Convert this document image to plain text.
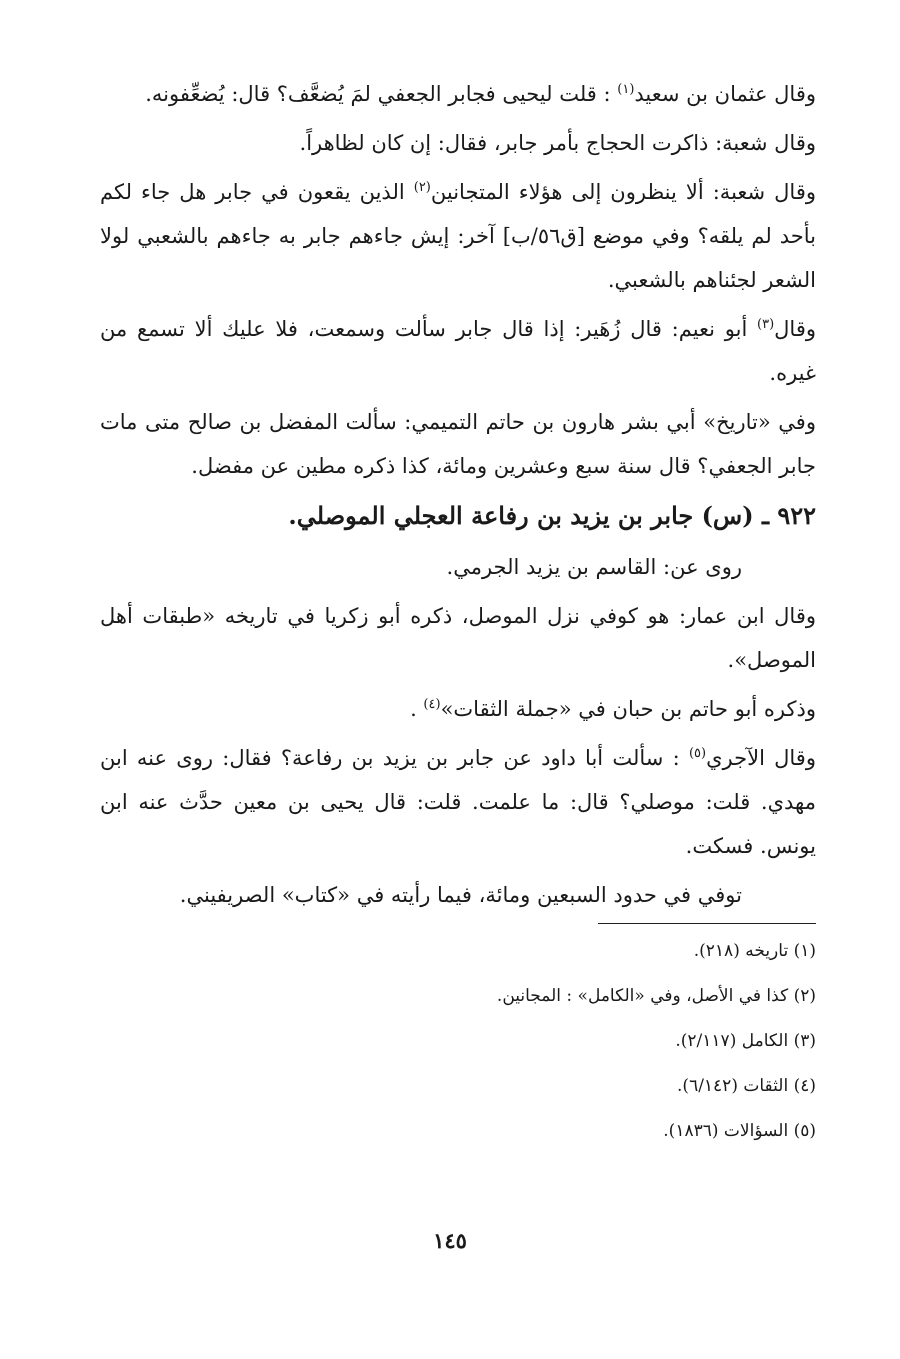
وقال عثمان بن سعيد$^{(١)}$ : قلت ليحيى فجابر الجعفي لمَ يُضعَّف؟ قال: يُضعِّفونه.

وقال شعبة: ذاكرت الحجاج بأمر جابر، فقال: إن كان لظاهراً.

وقال شعبة: ألا ينظرون إلى هؤلاء المتجانين$^{(٢)}$ الذين يقعون في جابر هل جاء لكم بأحد لم يلقه؟ وفي موضع [ق٥٦/ب] آخر: إيش جاءهم جابر به جاءهم بالشعبي لولا الشعر لجئناهم بالشعبي.

وقال$^{(٣)}$ أبو نعيم: قال زُهَير: إذا قال جابر سألت وسمعت، فلا عليك ألا تسمع من غيره.

وفي «تاريخ» أبي بشر هارون بن حاتم التميمي: سألت المفضل بن صالح متى مات جابر الجعفي؟ قال سنة سبع وعشرين ومائة، كذا ذكره مطين عن مفضل.

٩٢٢ ـ (س) جابر بن يزيد بن رفاعة العجلي الموصلي.

روى عن: القاسم بن يزيد الجرمي.

وقال ابن عمار: هو كوفي نزل الموصل، ذكره أبو زكريا في تاريخه «طبقات أهل الموصل».

وذكره أبو حاتم بن حبان في «جملة الثقات»$^{(٤)}$ .

وقال الآجري$^{(٥)}$ : سألت أبا داود عن جابر بن يزيد بن رفاعة؟ فقال: روى عنه ابن مهدي. قلت: موصلي؟ قال: ما علمت. قلت: قال يحيى بن معين حدَّث عنه ابن يونس. فسكت.

توفي في حدود السبعين ومائة، فيما رأيته في «كتاب» الصريفيني.

(١) تاريخه (٢١٨).

(٢) كذا في الأصل، وفي «الكامل» : المجانين.

(٣) الكامل (٢/١١٧).

(٤) الثقات (٦/١٤٢).

(٥) السؤالات (١٨٣٦).

١٤٥
